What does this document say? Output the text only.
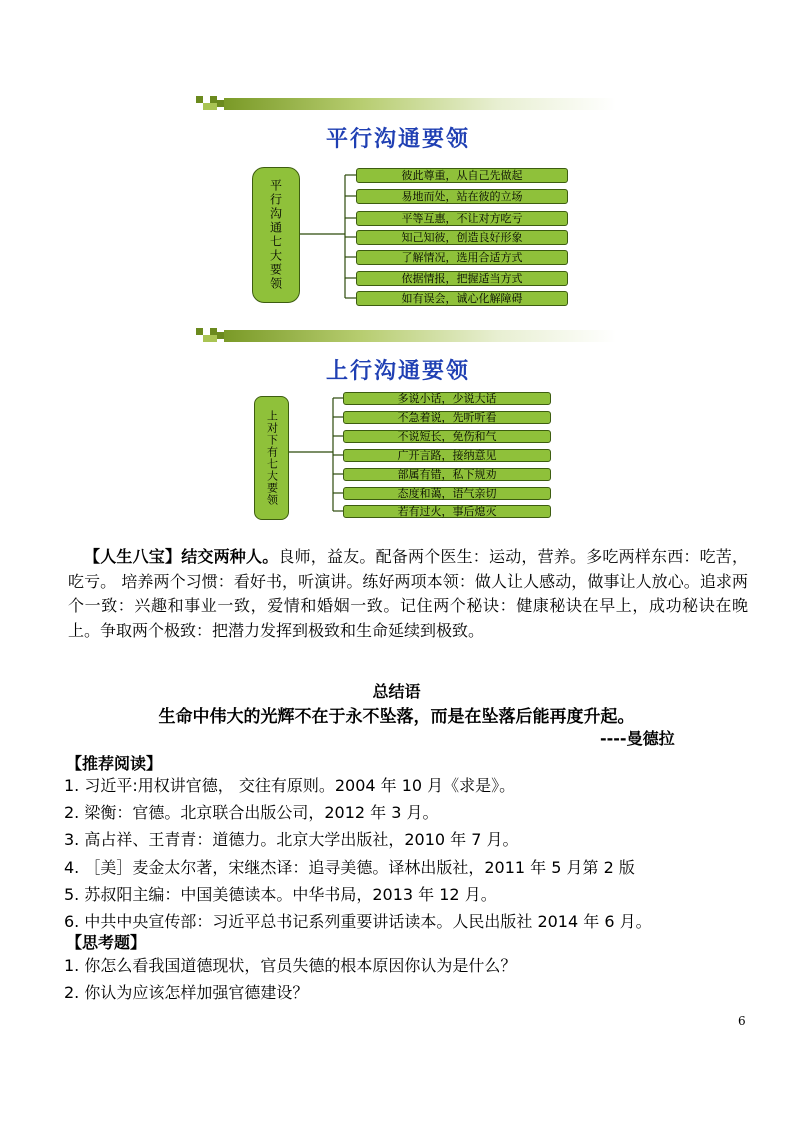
平行沟通要领
平行沟通七大要领
彼此尊重，从自己先做起
易地而处，站在彼的立场
平等互惠，不让对方吃亏
知己知彼，创造良好形象
了解情况，选用合适方式
依据情报，把握适当方式
如有误会，诚心化解障碍
上行沟通要领
上对下有七大要领
多说小话，少说大话
不急着说，先听听看
不说短长，免伤和气
广开言路，接纳意见
部属有错，私下规劝
态度和蔼，语气亲切
若有过火，事后熄灭
【人生八宝】结交两种人。良师，益友。配备两个医生：运动，营养。多吃两样东西：吃苦，吃亏。 培养两个习惯：看好书，听演讲。练好两项本领：做人让人感动，做事让人放心。追求两个一致：兴趣和事业一致，爱情和婚姻一致。记住两个秘诀：健康秘诀在早上，成功秘诀在晚上。争取两个极致：把潜力发挥到极致和生命延续到极致。
总结语
生命中伟大的光辉不在于永不坠落，而是在坠落后能再度升起。
----曼德拉
【推荐阅读】
1. 习近平:用权讲官德， 交往有原则。2004 年 10 月《求是》。
2. 梁衡：官德。北京联合出版公司，2012 年 3 月。
3. 高占祥、王青青：道德力。北京大学出版社，2010 年 7 月。
4. ［美］麦金太尔著，宋继杰译：追寻美德。译林出版社，2011 年 5 月第 2 版
5. 苏叔阳主编：中国美德读本。中华书局，2013 年 12 月。
6. 中共中央宣传部：习近平总书记系列重要讲话读本。人民出版社 2014 年 6 月。
【思考题】
1. 你怎么看我国道德现状，官员失德的根本原因你认为是什么？
2. 你认为应该怎样加强官德建设？
6
